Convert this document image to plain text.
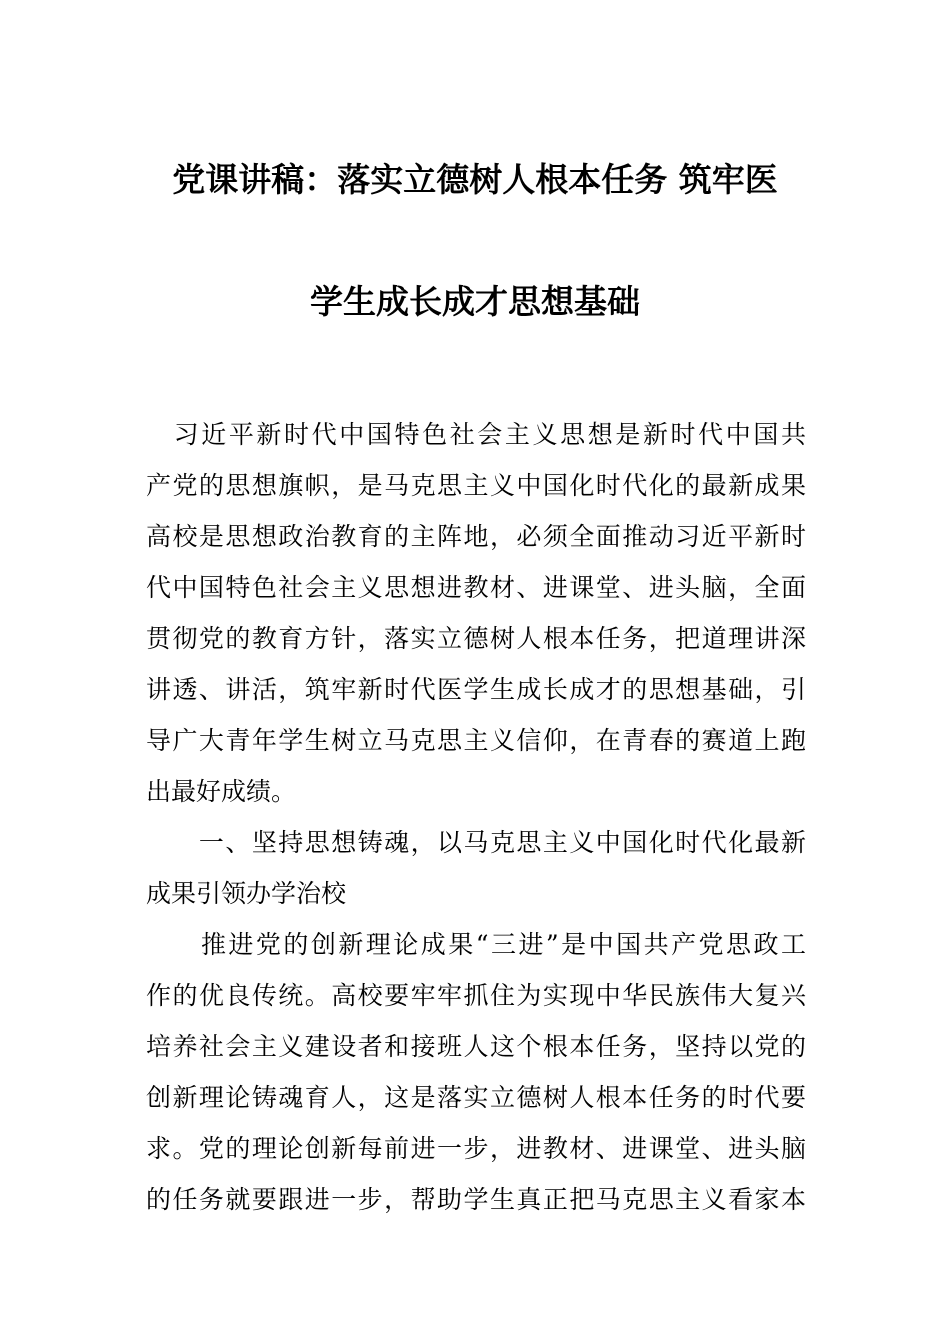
党课讲稿：落实立德树人根本任务 筑牢医
学生成长成才思想基础
　习近平新时代中国特色社会主义思想是新时代中国共
产党的思想旗帜，是马克思主义中国化时代化的最新成果
高校是思想政治教育的主阵地，必须全面推动习近平新时
代中国特色社会主义思想进教材、进课堂、进头脑，全面
贯彻党的教育方针，落实立德树人根本任务，把道理讲深
讲透、讲活，筑牢新时代医学生成长成才的思想基础，引
导广大青年学生树立马克思主义信仰，在青春的赛道上跑
出最好成绩。
　　一、坚持思想铸魂，以马克思主义中国化时代化最新
成果引领办学治校
　　推进党的创新理论成果“三进”是中国共产党思政工
作的优良传统。高校要牢牢抓住为实现中华民族伟大复兴
培养社会主义建设者和接班人这个根本任务，坚持以党的
创新理论铸魂育人，这是落实立德树人根本任务的时代要
求。党的理论创新每前进一步，进教材、进课堂、进头脑
的任务就要跟进一步，帮助学生真正把马克思主义看家本
